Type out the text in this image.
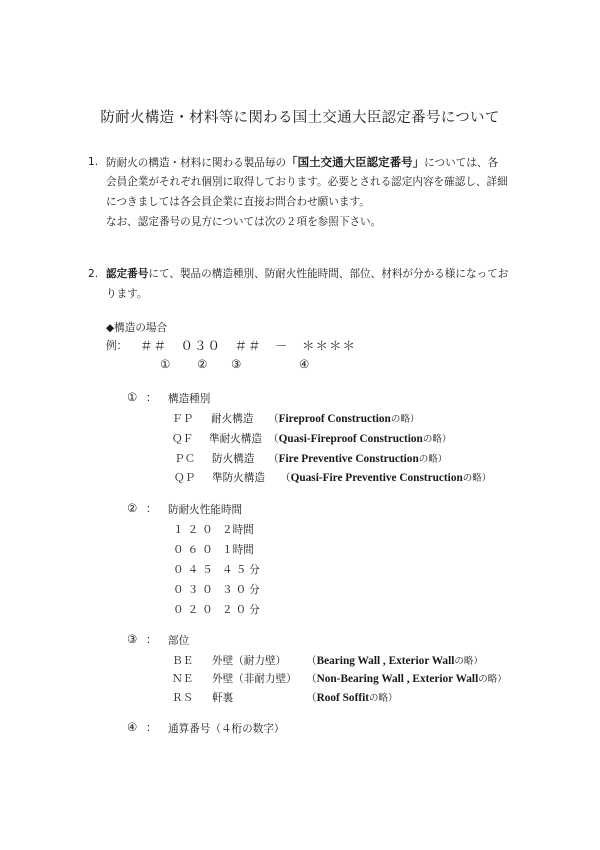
防耐火構造・材料等に関わる国土交通大臣認定番号について
1. 防耐火の構造・材料に関わる製品毎の「国土交通大臣認定番号」については、各
会員企業がそれぞれ個別に取得しております。必要とされる認定内容を確認し、詳細
につきましては各会員企業に直接お問合わせ願います。
なお、認定番号の見方については次の２項を参照下さい。
2. 認定番号にて、製品の構造種別、防耐火性能時間、部位、材料が分かる様になってお
ります。
◆構造の場合
例： ＃＃　０３０　＃＃　－　＊＊＊＊
① ② ③	④
① ： 構造種別
ＦＰ 耐火構造 （Fireproof Constructionの略）
ＱＦ 準耐火構造 （Quasi-Fireproof Constructionの略）
ＰＣ 防火構造 （Fire Preventive Constructionの略）
ＱＰ 準防火構造 （Quasi-Fire Preventive Constructionの略）
② ： 防耐火性能時間
１２０ ２時間
０６０ １時間
０４５ ４５分
０３０ ３０分
０２０ ２０分
③ ： 部位
ＢＥ 外壁（耐力壁） （Bearing Wall , Exterior Wallの略）
ＮＥ 外壁（非耐力壁） （Non-Bearing Wall , Exterior Wallの略）
ＲＳ 軒裏	（Roof Soffitの略）
④ ： 通算番号（４桁の数字）
